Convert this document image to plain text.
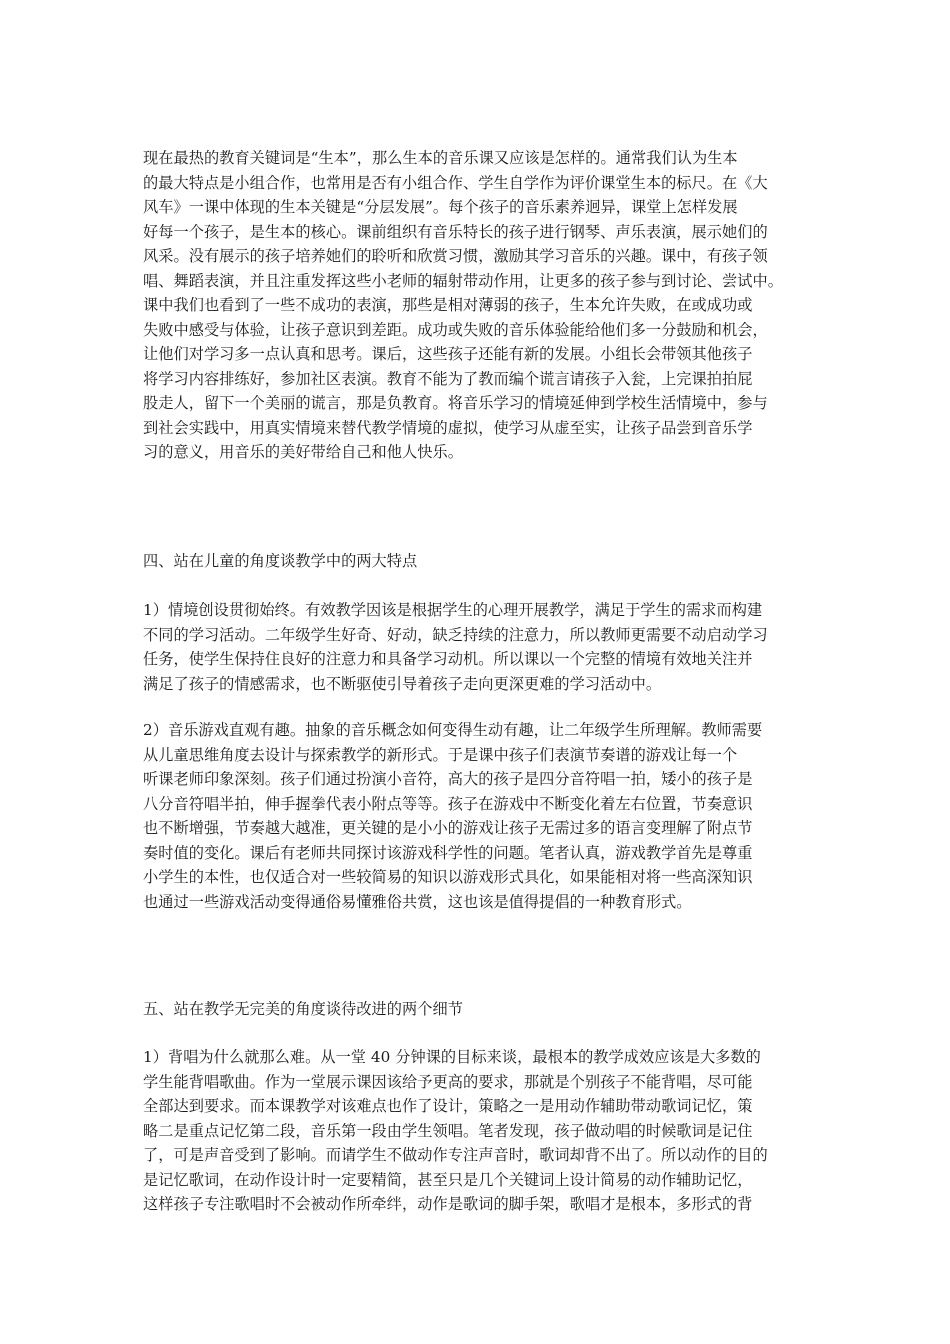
现在最热的教育关键词是“生本”，那么生本的音乐课又应该是怎样的。通常我们认为生本
的最大特点是小组合作，也常用是否有小组合作、学生自学作为评价课堂生本的标尺。在《大
风车》一课中体现的生本关键是“分层发展”。每个孩子的音乐素养迥异，课堂上怎样发展
好每一个孩子，是生本的核心。课前组织有音乐特长的孩子进行钢琴、声乐表演，展示她们的
风采。没有展示的孩子培养她们的聆听和欣赏习惯，激励其学习音乐的兴趣。课中，有孩子领
唱、舞蹈表演，并且注重发挥这些小老师的辐射带动作用，让更多的孩子参与到讨论、尝试中。
课中我们也看到了一些不成功的表演，那些是相对薄弱的孩子，生本允许失败，在或成功或
失败中感受与体验，让孩子意识到差距。成功或失败的音乐体验能给他们多一分鼓励和机会，
让他们对学习多一点认真和思考。课后，这些孩子还能有新的发展。小组长会带领其他孩子
将学习内容排练好，参加社区表演。教育不能为了教而编个谎言请孩子入瓮，上完课拍拍屁
股走人，留下一个美丽的谎言，那是负教育。将音乐学习的情境延伸到学校生活情境中，参与
到社会实践中，用真实情境来替代教学情境的虚拟，使学习从虚至实，让孩子品尝到音乐学
习的意义，用音乐的美好带给自己和他人快乐。
四、站在儿童的角度谈教学中的两大特点
1）情境创设贯彻始终。有效教学因该是根据学生的心理开展教学，满足于学生的需求而构建
不同的学习活动。二年级学生好奇、好动，缺乏持续的注意力，所以教师更需要不动启动学习
任务，使学生保持住良好的注意力和具备学习动机。所以课以一个完整的情境有效地关注并
满足了孩子的情感需求，也不断驱使引导着孩子走向更深更难的学习活动中。
2）音乐游戏直观有趣。抽象的音乐概念如何变得生动有趣，让二年级学生所理解。教师需要
从儿童思维角度去设计与探索教学的新形式。于是课中孩子们表演节奏谱的游戏让每一个
听课老师印象深刻。孩子们通过扮演小音符，高大的孩子是四分音符唱一拍，矮小的孩子是
八分音符唱半拍，伸手握拳代表小附点等等。孩子在游戏中不断变化着左右位置，节奏意识
也不断增强，节奏越大越准，更关键的是小小的游戏让孩子无需过多的语言变理解了附点节
奏时值的变化。课后有老师共同探讨该游戏科学性的问题。笔者认真，游戏教学首先是尊重
小学生的本性，也仅适合对一些较简易的知识以游戏形式具化，如果能相对将一些高深知识
也通过一些游戏活动变得通俗易懂雅俗共赏，这也该是值得提倡的一种教育形式。
五、站在教学无完美的角度谈待改进的两个细节
1）背唱为什么就那么难。从一堂 40 分钟课的目标来谈，最根本的教学成效应该是大多数的
学生能背唱歌曲。作为一堂展示课因该给予更高的要求，那就是个别孩子不能背唱，尽可能
全部达到要求。而本课教学对该难点也作了设计，策略之一是用动作辅助带动歌词记忆，策
略二是重点记忆第二段，音乐第一段由学生领唱。笔者发现，孩子做动唱的时候歌词是记住
了，可是声音受到了影响。而请学生不做动作专注声音时，歌词却背不出了。所以动作的目的
是记忆歌词，在动作设计时一定要精简，甚至只是几个关键词上设计简易的动作辅助记忆，
这样孩子专注歌唱时不会被动作所牵绊，动作是歌词的脚手架，歌唱才是根本，多形式的背
